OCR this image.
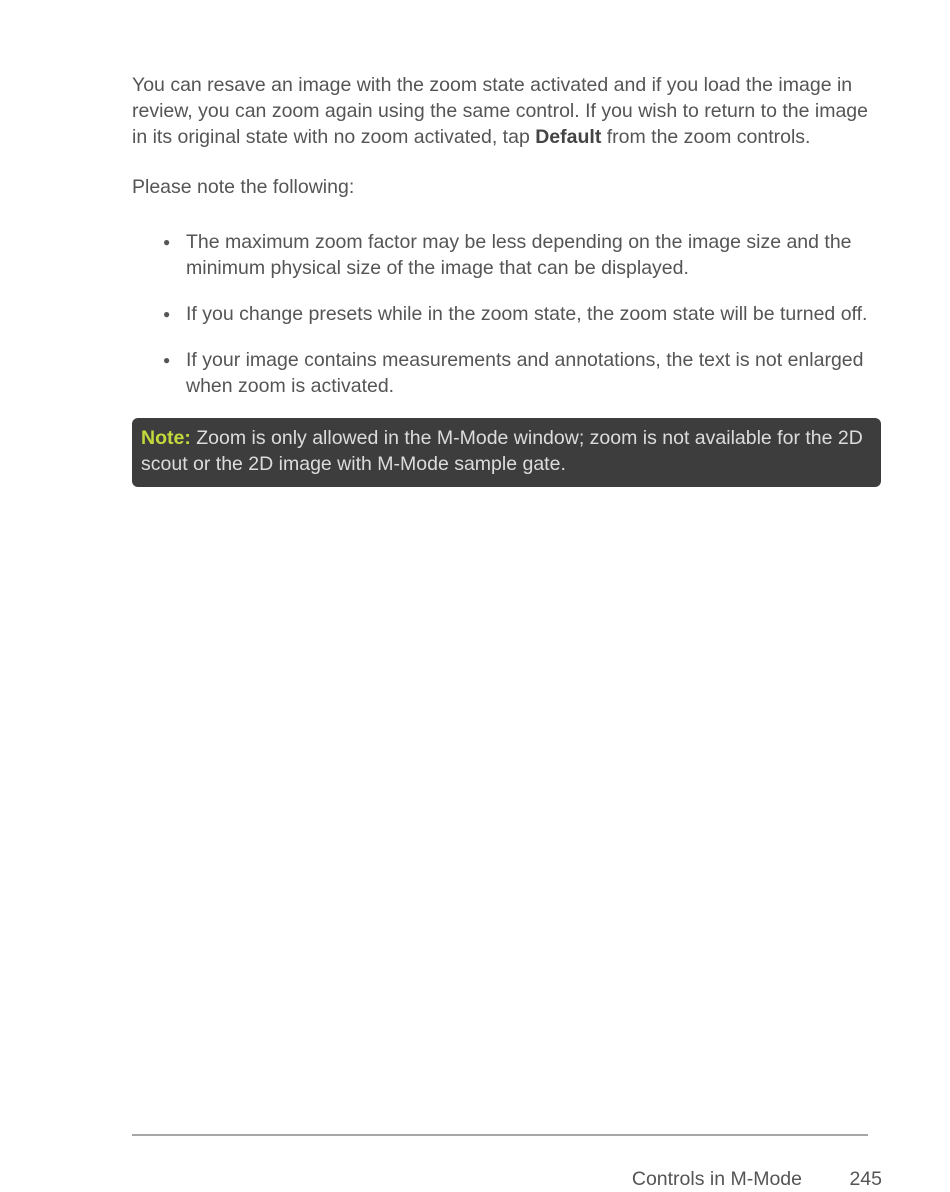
You can resave an image with the zoom state activated and if you load the image in review, you can zoom again using the same control. If you wish to return to the image in its original state with no zoom activated, tap Default from the zoom controls.

Please note the following:

● The maximum zoom factor may be less depending on the image size and the minimum physical size of the image that can be displayed.
● If you change presets while in the zoom state, the zoom state will be turned off.
● If your image contains measurements and annotations, the text is not enlarged when zoom is activated.
Note: Zoom is only allowed in the M-Mode window; zoom is not available for the 2D scout or the 2D image with M-Mode sample gate.
Controls in M-Mode 245
